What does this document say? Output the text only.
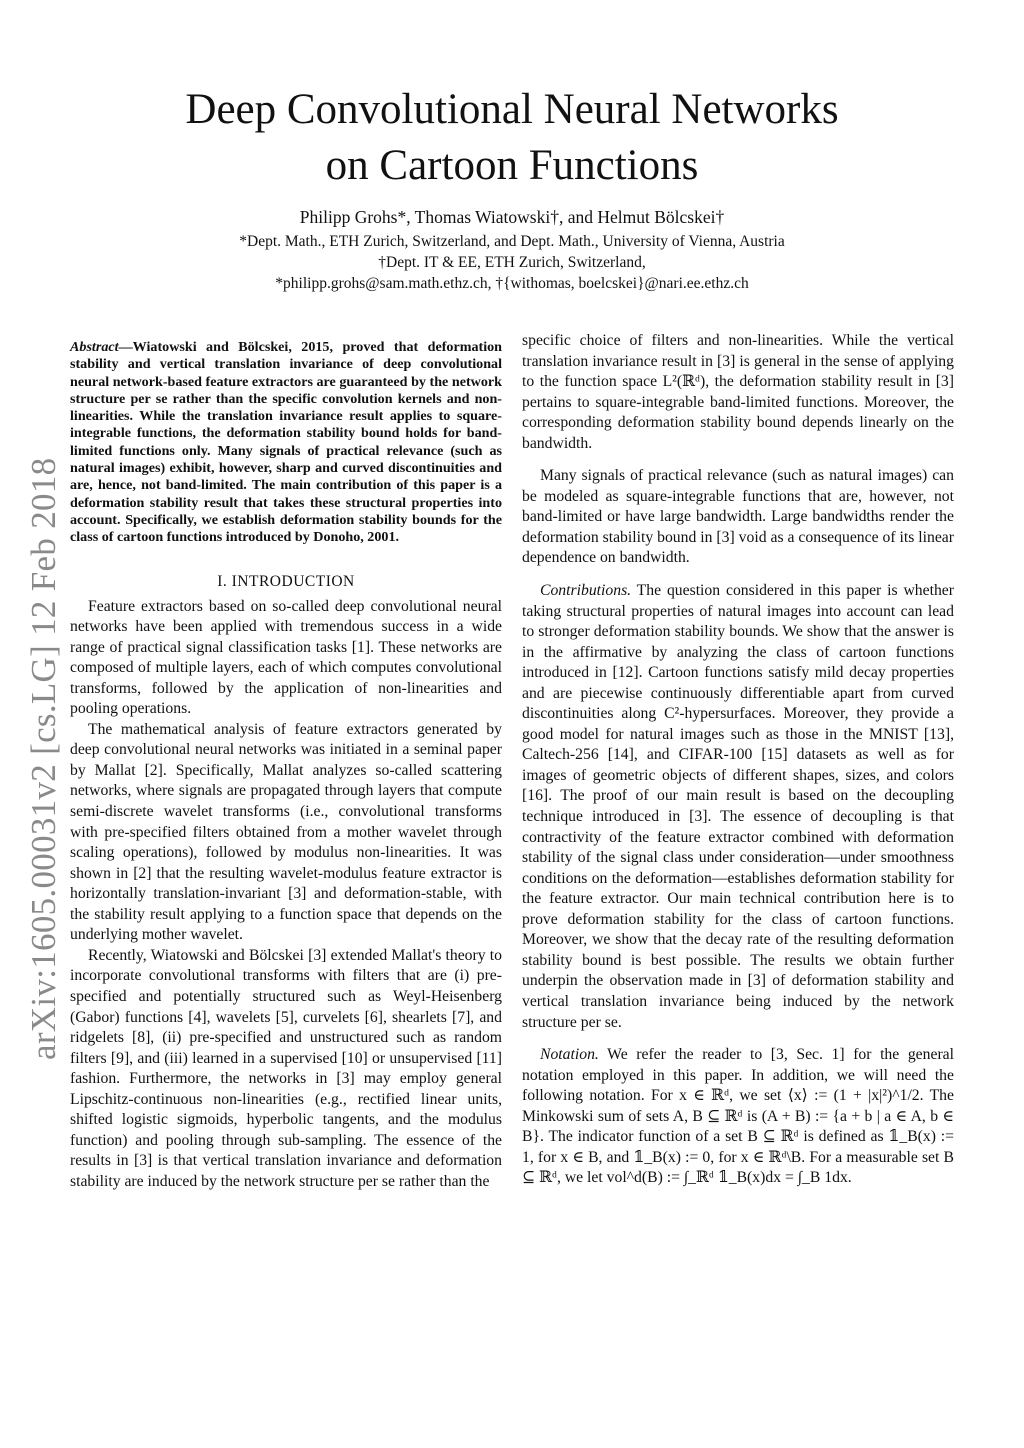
arXiv:1605.00031v2 [cs.LG] 12 Feb 2018
Deep Convolutional Neural Networks
on Cartoon Functions
Philipp Grohs*, Thomas Wiatowski†, and Helmut Bölcskei†
*Dept. Math., ETH Zurich, Switzerland, and Dept. Math., University of Vienna, Austria
†Dept. IT & EE, ETH Zurich, Switzerland,
*philipp.grohs@sam.math.ethz.ch, †{withomas, boelcskei}@nari.ee.ethz.ch

Abstract—Wiatowski and Bölcskei, 2015, proved that deformation stability and vertical translation invariance of deep convolutional neural network-based feature extractors are guaranteed by the network structure per se rather than the specific convolution kernels and non-linearities. While the translation invariance result applies to square-integrable functions, the deformation stability bound holds for band-limited functions only. Many signals of practical relevance (such as natural images) exhibit, however, sharp and curved discontinuities and are, hence, not band-limited. The main contribution of this paper is a deformation stability result that takes these structural properties into account. Specifically, we establish deformation stability bounds for the class of cartoon functions introduced by Donoho, 2001.

I. INTRODUCTION

Feature extractors based on so-called deep convolutional neural networks have been applied with tremendous success in a wide range of practical signal classification tasks [1]. These networks are composed of multiple layers, each of which computes convolutional transforms, followed by the application of non-linearities and pooling operations.

The mathematical analysis of feature extractors generated by deep convolutional neural networks was initiated in a seminal paper by Mallat [2]. Specifically, Mallat analyzes so-called scattering networks, where signals are propagated through layers that compute semi-discrete wavelet transforms (i.e., convolutional transforms with pre-specified filters obtained from a mother wavelet through scaling operations), followed by modulus non-linearities. It was shown in [2] that the resulting wavelet-modulus feature extractor is horizontally translation-invariant [3] and deformation-stable, with the stability result applying to a function space that depends on the underlying mother wavelet.

Recently, Wiatowski and Bölcskei [3] extended Mallat's theory to incorporate convolutional transforms with filters that are (i) pre-specified and potentially structured such as Weyl-Heisenberg (Gabor) functions [4], wavelets [5], curvelets [6], shearlets [7], and ridgelets [8], (ii) pre-specified and unstructured such as random filters [9], and (iii) learned in a supervised [10] or unsupervised [11] fashion. Furthermore, the networks in [3] may employ general Lipschitz-continuous non-linearities (e.g., rectified linear units, shifted logistic sigmoids, hyperbolic tangents, and the modulus function) and pooling through sub-sampling. The essence of the results in [3] is that vertical translation invariance and deformation stability are induced by the network structure per se rather than the

specific choice of filters and non-linearities. While the vertical translation invariance result in [3] is general in the sense of applying to the function space L²(ℝᵈ), the deformation stability result in [3] pertains to square-integrable band-limited functions. Moreover, the corresponding deformation stability bound depends linearly on the bandwidth.

Many signals of practical relevance (such as natural images) can be modeled as square-integrable functions that are, however, not band-limited or have large bandwidth. Large bandwidths render the deformation stability bound in [3] void as a consequence of its linear dependence on bandwidth.

Contributions. The question considered in this paper is whether taking structural properties of natural images into account can lead to stronger deformation stability bounds. We show that the answer is in the affirmative by analyzing the class of cartoon functions introduced in [12]. Cartoon functions satisfy mild decay properties and are piecewise continuously differentiable apart from curved discontinuities along C²-hypersurfaces. Moreover, they provide a good model for natural images such as those in the MNIST [13], Caltech-256 [14], and CIFAR-100 [15] datasets as well as for images of geometric objects of different shapes, sizes, and colors [16]. The proof of our main result is based on the decoupling technique introduced in [3]. The essence of decoupling is that contractivity of the feature extractor combined with deformation stability of the signal class under consideration—under smoothness conditions on the deformation—establishes deformation stability for the feature extractor. Our main technical contribution here is to prove deformation stability for the class of cartoon functions. Moreover, we show that the decay rate of the resulting deformation stability bound is best possible. The results we obtain further underpin the observation made in [3] of deformation stability and vertical translation invariance being induced by the network structure per se.

Notation. We refer the reader to [3, Sec. 1] for the general notation employed in this paper. In addition, we will need the following notation. For x ∈ ℝᵈ, we set ⟨x⟩ := (1 + |x|²)^1/2. The Minkowski sum of sets A, B ⊆ ℝᵈ is (A + B) := {a + b | a ∈ A, b ∈ B}. The indicator function of a set B ⊆ ℝᵈ is defined as 𝟙_B(x) := 1, for x ∈ B, and 𝟙_B(x) := 0, for x ∈ ℝᵈ\B. For a measurable set B ⊆ ℝᵈ, we let vol^d(B) := ∫_ℝᵈ 𝟙_B(x)dx = ∫_B 1dx.
